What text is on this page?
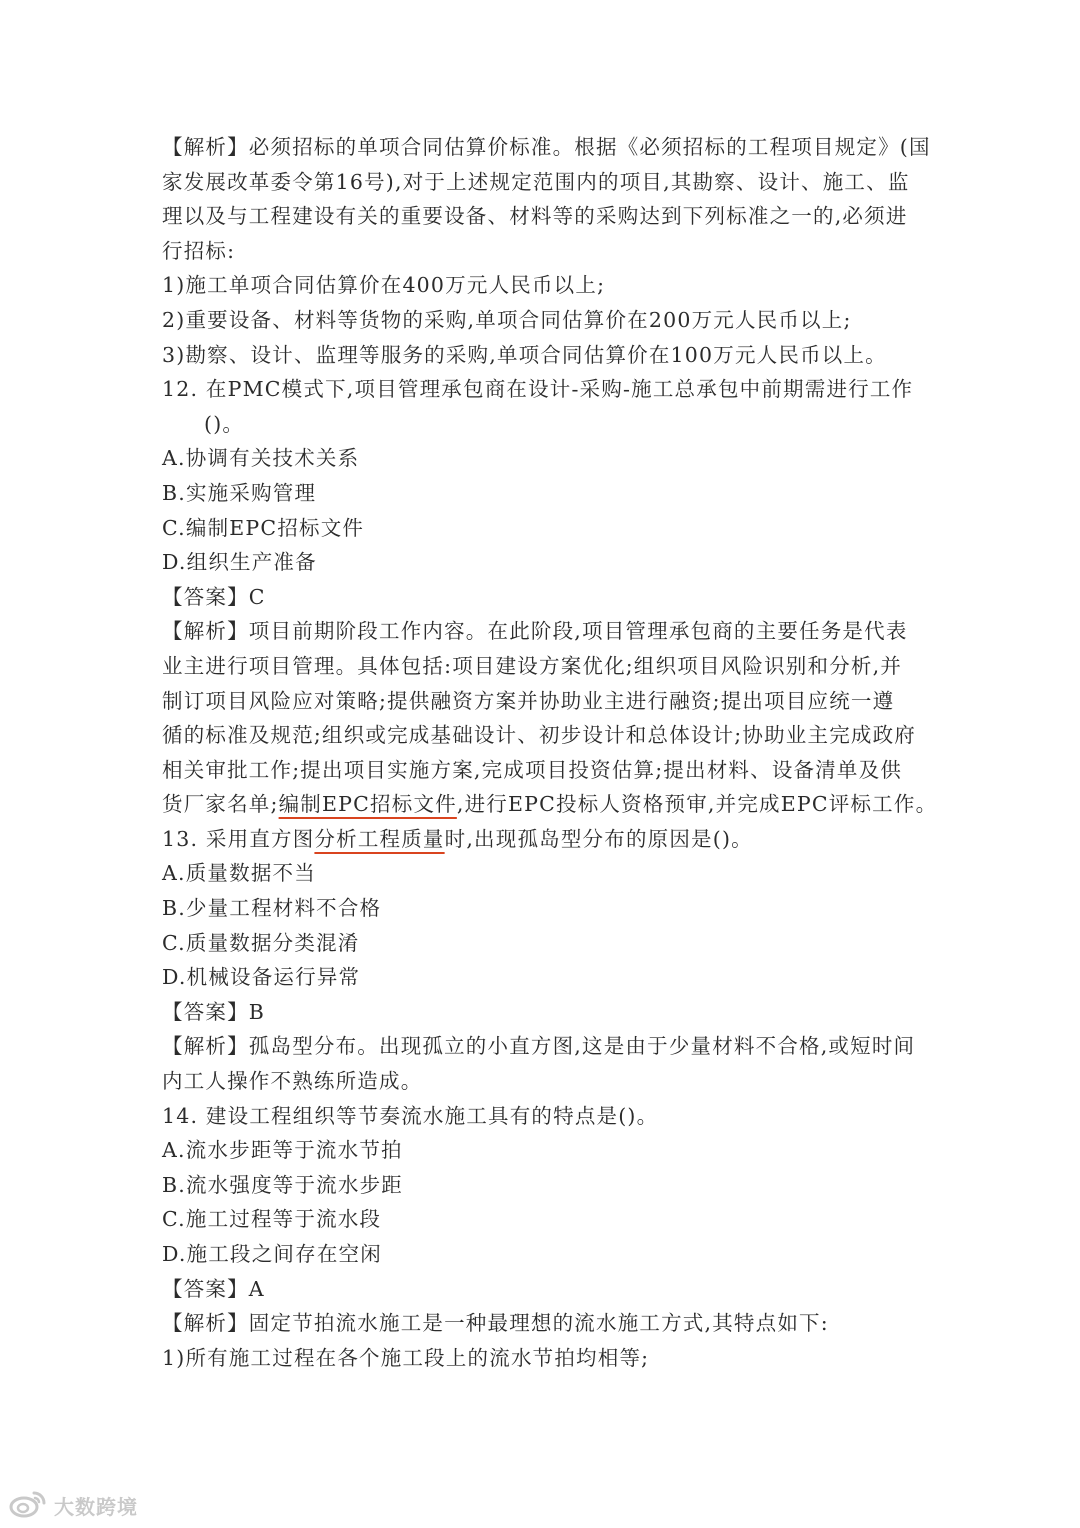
【解析】必须招标的单项合同估算价标准。根据《必须招标的工程项目规定》(国
家发展改革委令第16号),对于上述规定范围内的项目,其勘察、设计、施工、监
理以及与工程建设有关的重要设备、材料等的采购达到下列标准之一的,必须进
行招标:
1)施工单项合同估算价在400万元人民币以上;
2)重要设备、材料等货物的采购,单项合同估算价在200万元人民币以上;
3)勘察、设计、监理等服务的采购,单项合同估算价在100万元人民币以上。
12. 在PMC模式下,项目管理承包商在设计-采购-施工总承包中前期需进行工作
()。
A.协调有关技术关系
B.实施采购管理
C.编制EPC招标文件
D.组织生产准备
【答案】C
【解析】项目前期阶段工作内容。在此阶段,项目管理承包商的主要任务是代表
业主进行项目管理。具体包括:项目建设方案优化;组织项目风险识别和分析,并
制订项目风险应对策略;提供融资方案并协助业主进行融资;提出项目应统一遵
循的标准及规范;组织或完成基础设计、初步设计和总体设计;协助业主完成政府
相关审批工作;提出项目实施方案,完成项目投资估算;提出材料、设备清单及供
货厂家名单;编制EPC招标文件,进行EPC投标人资格预审,并完成EPC评标工作。
13. 采用直方图分析工程质量时,出现孤岛型分布的原因是()。
A.质量数据不当
B.少量工程材料不合格
C.质量数据分类混淆
D.机械设备运行异常
【答案】B
【解析】孤岛型分布。出现孤立的小直方图,这是由于少量材料不合格,或短时间
内工人操作不熟练所造成。
14. 建设工程组织等节奏流水施工具有的特点是()。
A.流水步距等于流水节拍
B.流水强度等于流水步距
C.施工过程等于流水段
D.施工段之间存在空闲
【答案】A
【解析】固定节拍流水施工是一种最理想的流水施工方式,其特点如下:
1)所有施工过程在各个施工段上的流水节拍均相等;
大数跨境
